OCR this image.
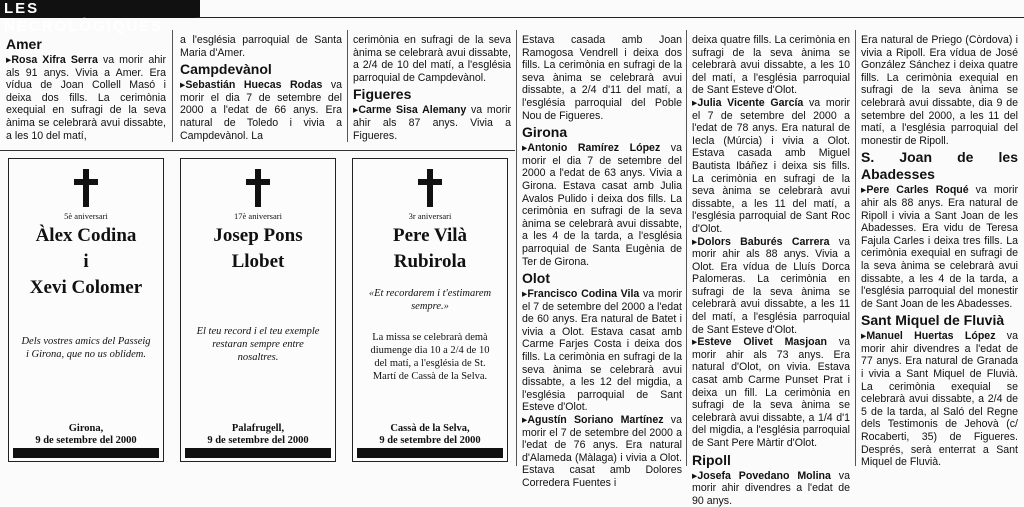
LES NECROLÒGIQUES
Amer

▸Rosa Xifra Serra va morir ahir als 91 anys. Vivia a Amer. Era vídua de Joan Collell Masó i deixa dos fills. La cerimònia exequial en sufragi de la seva ànima se celebrarà avui dissabte, a les 10 del matí,

a l'església parroquial de Santa Maria d'Amer.

Campdevànol

▸Sebastián Huecas Rodas va morir el dia 7 de setembre del 2000 a l'edat de 66 anys. Era natural de Toledo i vivia a Campdevànol. La

cerimònia en sufragi de la seva ànima se celebrarà avui dissabte, a 2/4 de 10 del matí, a l'església parroquial de Campdevànol.

Figueres

▸Carme Sisa Alemany va morir ahir als 87 anys. Vivia a Figueres.

Estava casada amb Joan Ramogosa Vendrell i deixa dos fills. La cerimònia en sufragi de la seva ànima se celebrarà avui dissabte, a 2/4 d'11 del matí, a l'església parroquial del Poble Nou de Figueres.

Girona

▸Antonio Ramírez López va morir el dia 7 de setembre del 2000 a l'edat de 63 anys. Vivia a Girona. Estava casat amb Julia Avalos Pulido i deixa dos fills. La cerimònia en sufragi de la seva ànima se celebrarà avui dissabte, a les 4 de la tarda, a l'església parroquial de Santa Eugènia de Ter de Girona.

Olot

▸Francisco Codina Vila va morir el 7 de setembre del 2000 a l'edat de 60 anys. Era natural de Batet i vivia a Olot. Estava casat amb Carme Farjes Costa i deixa dos fills. La cerimònia en sufragi de la seva ànima se celebrarà avui dissabte, a les 12 del migdia, a l'església parroquial de Sant Esteve d'Olot.

▸Agustín Soriano Martínez va morir el 7 de setembre del 2000 a l'edat de 76 anys. Era natural d'Alameda (Màlaga) i vivia a Olot. Estava casat amb Dolores Corredera Fuentes i

deixa quatre fills. La cerimònia en sufragi de la seva ànima se celebrarà avui dissabte, a les 10 del matí, a l'església parroquial de Sant Esteve d'Olot.

▸Julia Vicente García va morir el 7 de setembre del 2000 a l'edat de 78 anys. Era natural de Iecla (Múrcia) i vivia a Olot. Estava casada amb Miguel Bautista Ibáñez i deixa sis fills. La cerimònia en sufragi de la seva ànima se celebrarà avui dissabte, a les 11 del matí, a l'església parroquial de Sant Roc d'Olot.

▸Dolors Baburés Carrera va morir ahir als 88 anys. Vivia a Olot. Era vídua de Lluís Dorca Palomeras. La cerimònia en sufragi de la seva ànima se celebrarà avui dissabte, a les 11 del matí, a l'església parroquial de Sant Esteve d'Olot.

▸Esteve Olivet Masjoan va morir ahir als 73 anys. Era natural d'Olot, on vivia. Estava casat amb Carme Punset Prat i deixa un fill. La cerimònia en sufragi de la seva ànima se celebrarà avui dissabte, a 1/4 d'1 del migdia, a l'església parroquial de Sant Pere Màrtir d'Olot.

Ripoll

▸Josefa Povedano Molina va morir ahir divendres a l'edat de 90 anys.

Era natural de Priego (Còrdova) i vivia a Ripoll. Era vídua de José González Sánchez i deixa quatre fills. La cerimònia exequial en sufragi de la seva ànima se celebrarà avui dissabte, dia 9 de setembre del 2000, a les 11 del matí, a l'església parroquial del monestir de Ripoll.

S. Joan de les Abadesses

▸Pere Carles Roqué va morir ahir als 88 anys. Era natural de Ripoll i vivia a Sant Joan de les Abadesses. Era vidu de Teresa Fajula Carles i deixa tres fills. La cerimònia exequial en sufragi de la seva ànima se celebrarà avui dissabte, a les 4 de la tarda, a l'església parroquial del monestir de Sant Joan de les Abadesses.

Sant Miquel de Fluvià

▸Manuel Huertas López va morir ahir divendres a l'edat de 77 anys. Era natural de Granada i vivia a Sant Miquel de Fluvià. La cerimònia exequial se celebrarà avui dissabte, a 2/4 de 5 de la tarda, al Saló del Regne dels Testimonis de Jehovà (c/ Rocaberti, 35) de Figueres. Després, serà enterrat a Sant Miquel de Fluvià.

5è aniversari
Àlex Codina
i
Xevi Colomer
Dels vostres amics del Passeig i Girona, que no us oblidem.
Girona,
9 de setembre del 2000
17è aniversari
Josep Pons
Llobet
El teu record i el teu exemple restaran sempre entre nosaltres.
Palafrugell,
9 de setembre del 2000
3r aniversari
Pere Vilà
Rubirola
«Et recordarem i t'estimarem sempre.»
La missa se celebrarà demà diumenge dia 10 a 2/4 de 10 del matí, a l'església de St. Martí de Cassà de la Selva.
Cassà de la Selva,
9 de setembre del 2000
